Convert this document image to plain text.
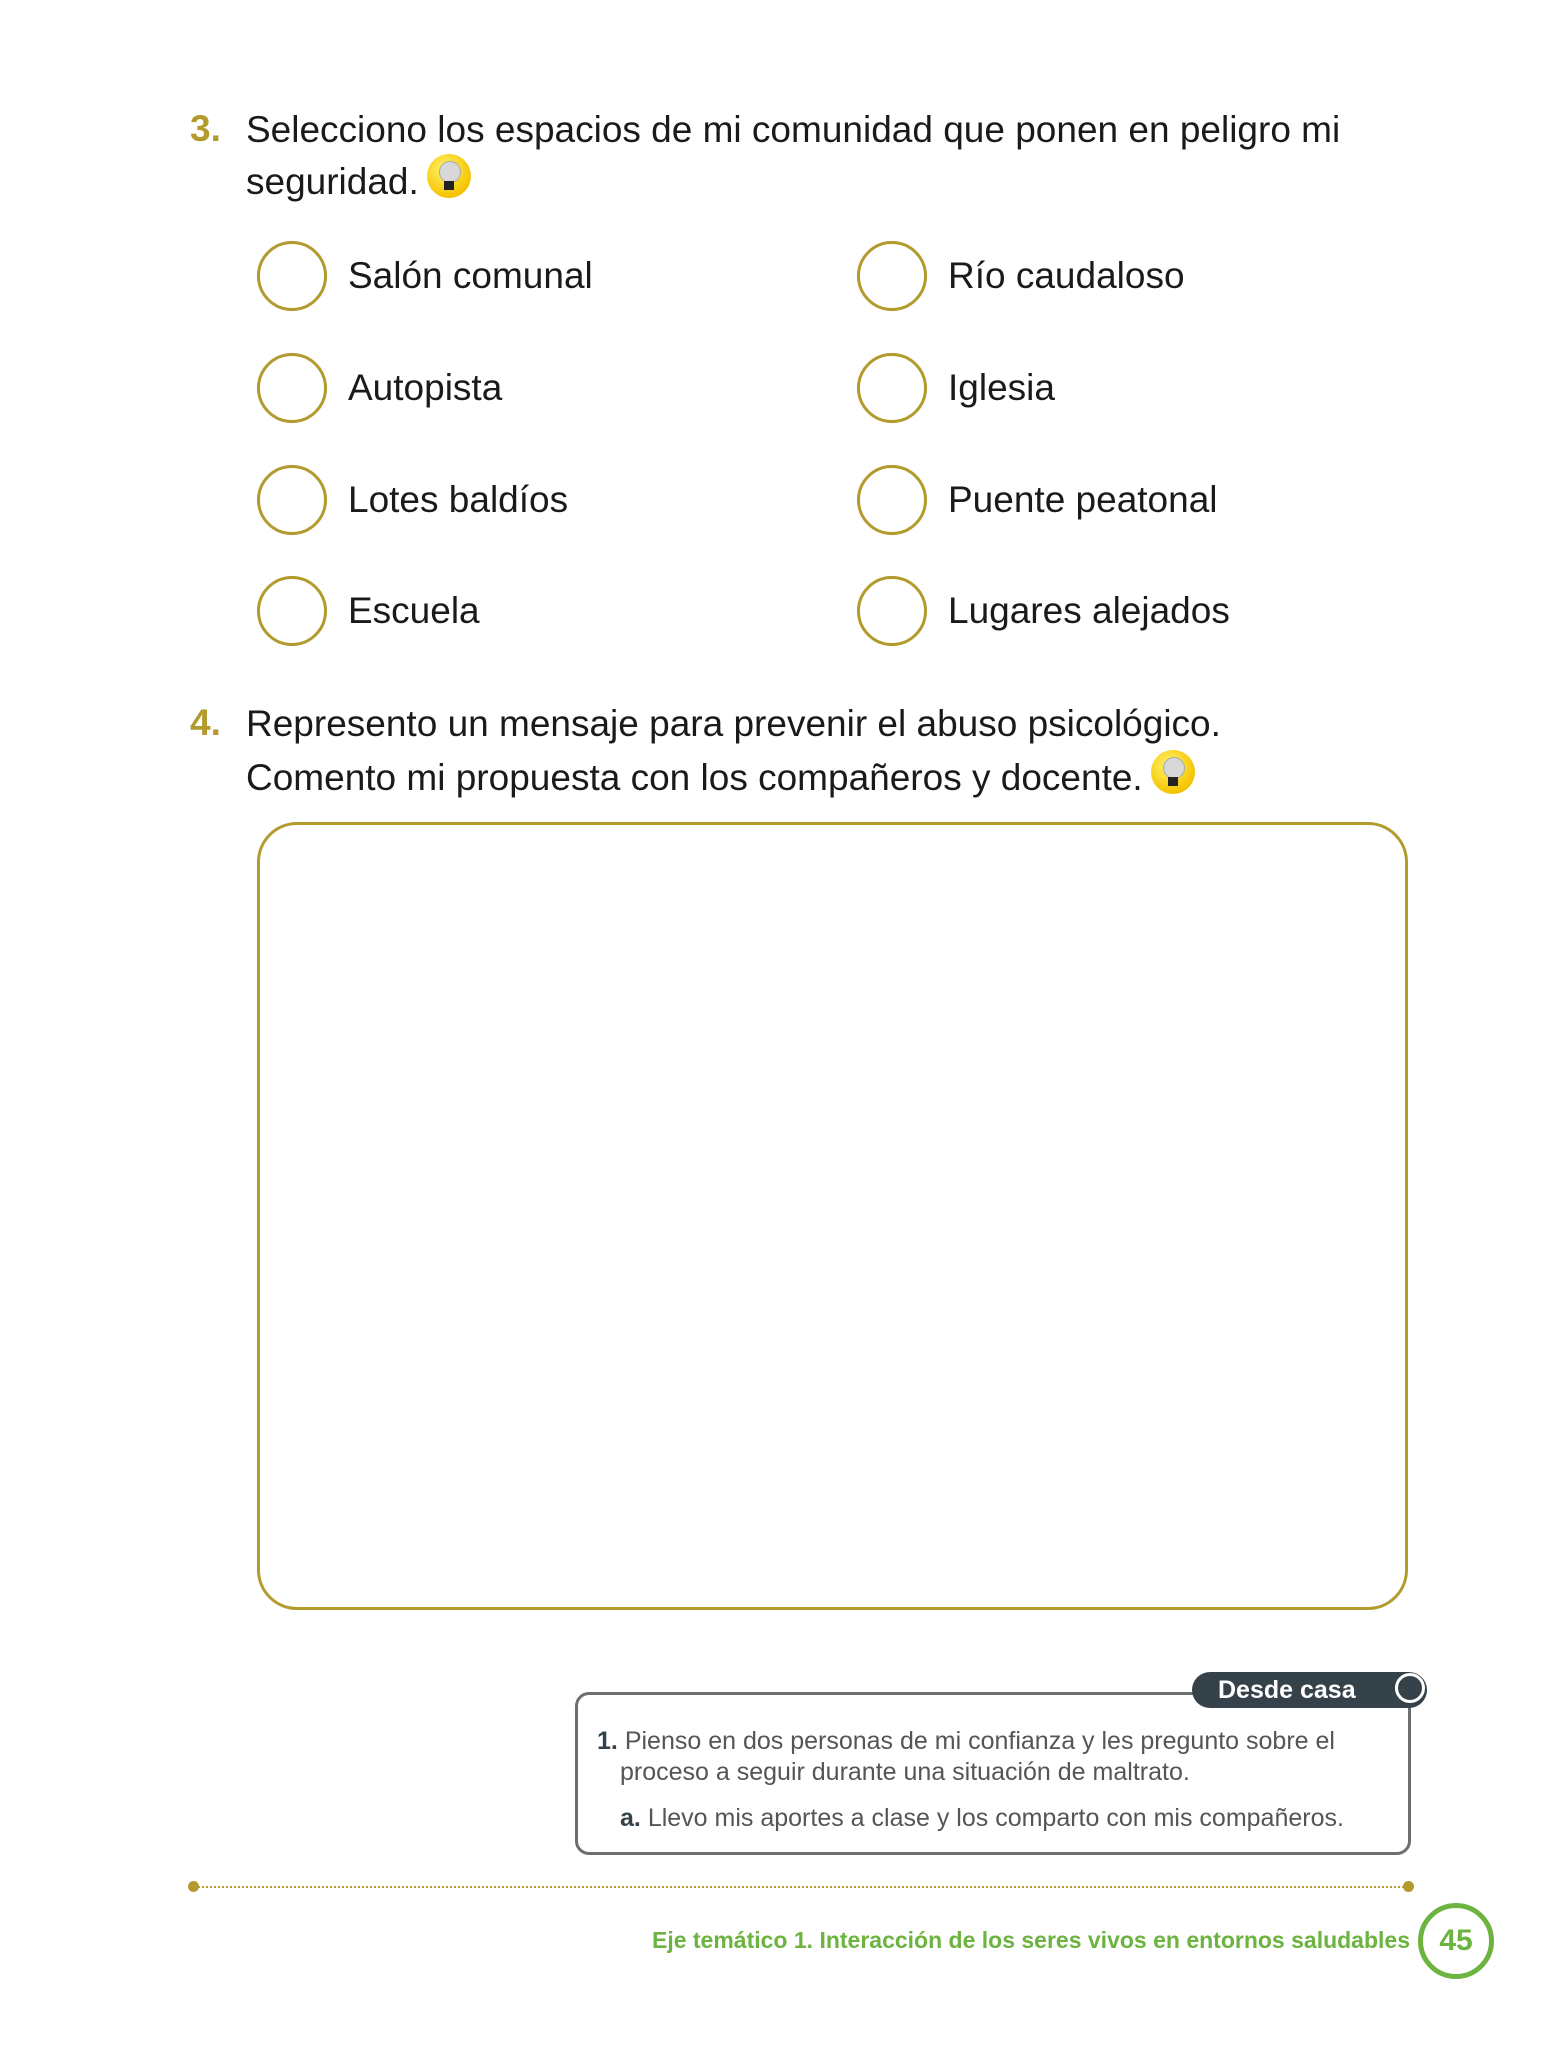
3. Selecciono los espacios de mi comunidad que ponen en peligro mi
seguridad.
Salón comunal
Autopista
Lotes baldíos
Escuela
Río caudaloso
Iglesia
Puente peatonal
Lugares alejados
4. Represento un mensaje para prevenir el abuso psicológico.
Comento mi propuesta con los compañeros y docente.
1. Pienso en dos personas de mi confianza y les pregunto sobre el
proceso a seguir durante una situación de maltrato.
a. Llevo mis aportes a clase y los comparto con mis compañeros.
Desde casa
Eje temático 1. Interacción de los seres vivos en entornos saludables 45
